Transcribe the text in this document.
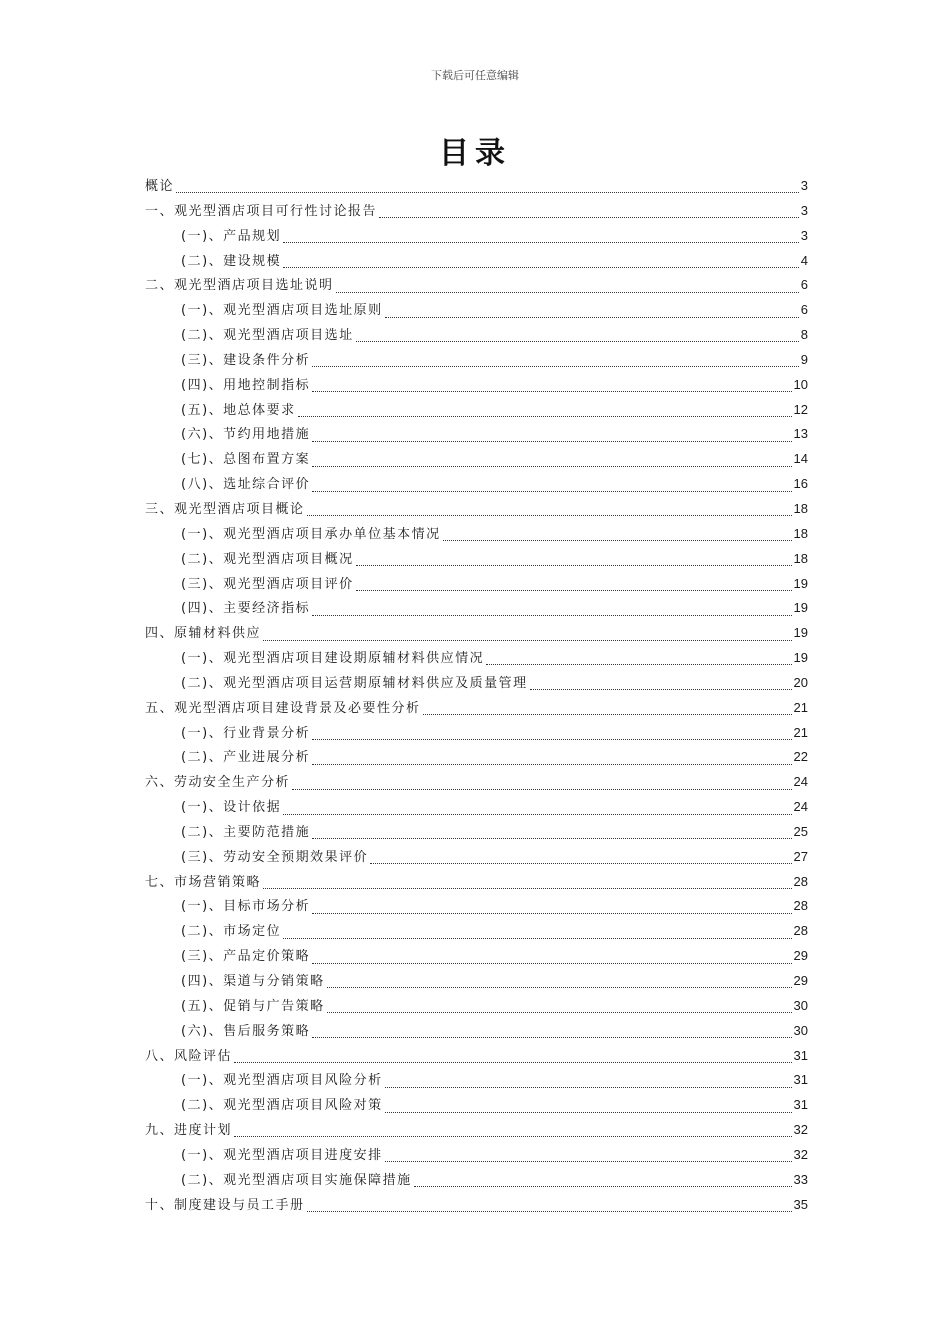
下载后可任意编辑
目录
概论	3
一、观光型酒店项目可行性讨论报告	3
(一)、产品规划	3
(二)、建设规模	4
二、观光型酒店项目选址说明	6
(一)、观光型酒店项目选址原则	6
(二)、观光型酒店项目选址	8
(三)、建设条件分析	9
(四)、用地控制指标	10
(五)、地总体要求	12
(六)、节约用地措施	13
(七)、总图布置方案	14
(八)、选址综合评价	16
三、观光型酒店项目概论	18
(一)、观光型酒店项目承办单位基本情况	18
(二)、观光型酒店项目概况	18
(三)、观光型酒店项目评价	19
(四)、主要经济指标	19
四、原辅材料供应	19
(一)、观光型酒店项目建设期原辅材料供应情况	19
(二)、观光型酒店项目运营期原辅材料供应及质量管理	20
五、观光型酒店项目建设背景及必要性分析	21
(一)、行业背景分析	21
(二)、产业进展分析	22
六、劳动安全生产分析	24
(一)、设计依据	24
(二)、主要防范措施	25
(三)、劳动安全预期效果评价	27
七、市场营销策略	28
(一)、目标市场分析	28
(二)、市场定位	28
(三)、产品定价策略	29
(四)、渠道与分销策略	29
(五)、促销与广告策略	30
(六)、售后服务策略	30
八、风险评估	31
(一)、观光型酒店项目风险分析	31
(二)、观光型酒店项目风险对策	31
九、进度计划	32
(一)、观光型酒店项目进度安排	32
(二)、观光型酒店项目实施保障措施	33
十、制度建设与员工手册	35
